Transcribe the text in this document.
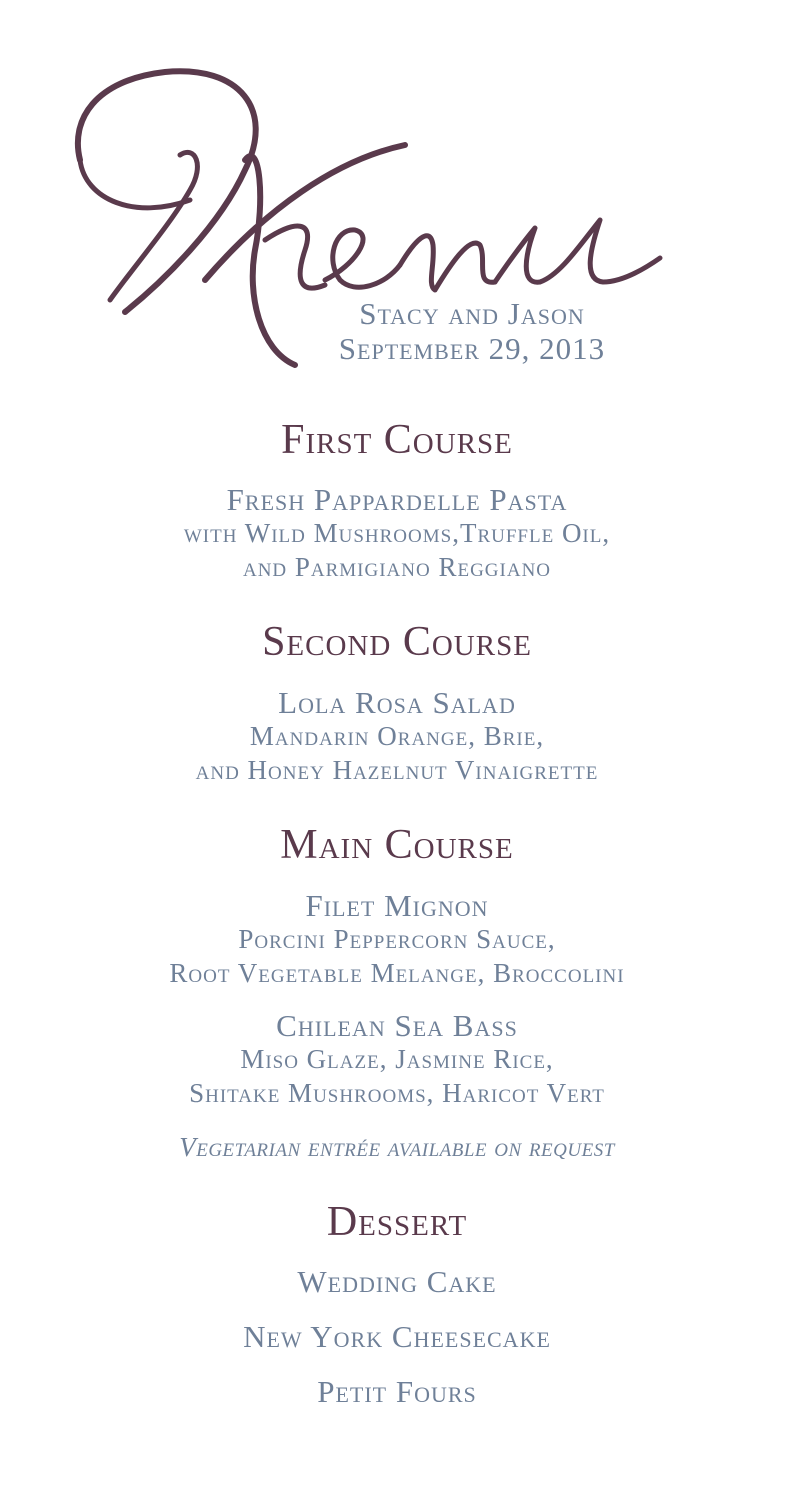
Stacy and Jason
September 29, 2013
First Course
Fresh Pappardelle Pasta
with Wild Mushrooms,Truffle Oil,
and Parmigiano Reggiano
Second Course
Lola Rosa Salad
Mandarin Orange, Brie,
and Honey Hazelnut Vinaigrette
Main Course
Filet Mignon
Porcini Peppercorn Sauce,
Root Vegetable Melange, Broccolini
Chilean Sea Bass
Miso Glaze, Jasmine Rice,
Shitake Mushrooms, Haricot Vert
Vegetarian entrée available on request
Dessert
Wedding Cake
New York Cheesecake
Petit Fours
